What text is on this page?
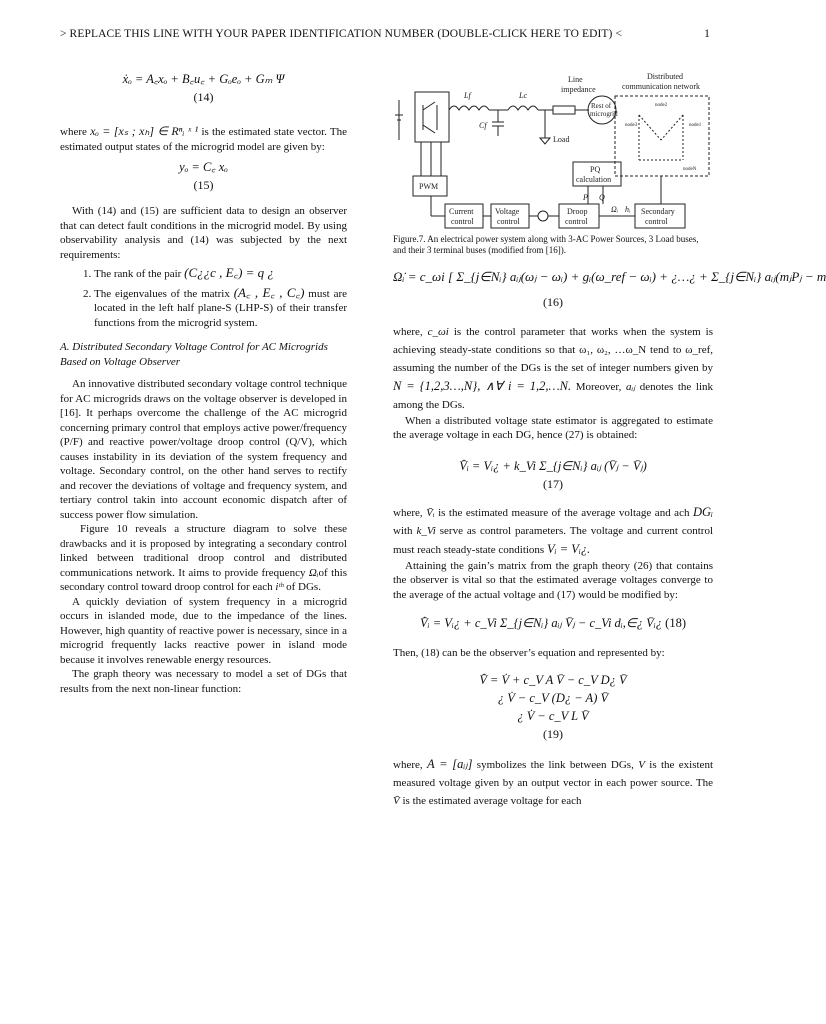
> REPLACE THIS LINE WITH YOUR PAPER IDENTIFICATION NUMBER (DOUBLE-CLICK HERE TO EDIT) <	1
ẋₒ = A꜀xₒ + B꜀u꜀ + Gₒeₒ + Gₘ Ψ
(14)

where xₒ = [xₛ ; xₕ] ∈ Rⁿᵢ ˣ ¹ is the estimated state vector. The estimated output states of the microgrid model are given by:

yₒ = C꜀ xₒ
(15)

With (14) and (15) are sufficient data to design an observer that can detect fault conditions in the microgrid model. By using observability analysis and (14) was subjected by the next requirements:

1. The rank of the pair (C¿¿c , E꜀) = q ¿
2. The eigenvalues of the matrix (A꜀ , E꜀ , C꜀) must are located in the left half plane-S (LHP-S) of their transfer functions from the microgrid system.
A. Distributed Secondary Voltage Control for AC Microgrids Based on Voltage Observer

An innovative distributed secondary voltage control technique for AC microgrids draws on the voltage observer is developed in [16]. It perhaps overcome the challenge of the AC microgrid concerning primary control that employs active power/frequency (P/F) and reactive power/voltage droop control (Q/V), which causes instability in its deviation of the system frequency and voltage. Secondary control, on the other hand serves to rectify and recover the deviations of voltage and frequency system, and tertiary control takin into account economic dispatch after of success power flow simulation.

Figure 10 reveals a structure diagram to solve these drawbacks and it is proposed by integrating a secondary control linked between traditional droop control and distributed communications network. It aims to provide frequency Ωᵢof this secondary control toward droop control for each iᵗʰ of DGs.

A quickly deviation of system frequency in a microgrid occurs in islanded mode, due to the impedance of the lines. However, high quantity of reactive power is necessary, since in a microgrid frequently lacks reactive power in island mode because it involves renewable energy resources.

The graph theory was necessary to model a set of DGs that results from the next non-linear function:

Line
impedance
Rest of
microgrid
Load
Lf	Lc
Cf
PQ
calculation
PWM
Current
control
Voltage
control
Droop
control
Secondary
control
Distributed
communication network
node2
node1
node3
nodeN
P Q
Ωᵢ hᵢ
Figure.7. An electrical power system along with 3-AC Power Sources, 3 Load buses, and their 3 terminal buses (modified from [16]).
Ω̇ᵢ = c_ωi [ Σ_{j∈Nᵢ} aᵢⱼ(ωⱼ − ωᵢ) + gᵢ(ω_ref − ωᵢ) + ¿…¿ + Σ_{j∈Nᵢ} aᵢⱼ(mⱼPⱼ − m
(16)

where, c_ωi is the control parameter that works when the system is achieving steady-state conditions so that ω₁, ω₂, …ω_N tend to ω_ref, assuming the number of the DGs is the set of integer numbers given by N = {1,2,3…,N}, ∧∀ i = 1,2,…N. Moreover, aᵢⱼ denotes the link among the DGs.

When a distributed voltage state estimator is aggregated to estimate the average voltage in each DG, hence (27) is obtained:

V̄̇ᵢ = Vᵢ¿ + k_Vi Σ_{j∈Nᵢ} aᵢⱼ (V̄ⱼ − V̄ⱼ)
(17)

where, V̄ᵢ is the estimated measure of the average voltage and ach DGᵢ with k_Vi serve as control parameters. The voltage and current control must reach steady-state conditions Vᵢ = Vᵢ¿.

Attaining the gain’s matrix from the graph theory (26) that contains the observer is vital so that the estimated average voltages converge to the average of the actual voltage and (17) would be modified by:

V̄̇ᵢ = Vᵢ¿ + c_Vi Σ_{j∈Nᵢ} aᵢⱼ V̄ⱼ − c_Vi dᵢ,∈¿ V̄ᵢ¿ (18)

Then, (18) can be the observer’s equation and represented by:

V̄̇ = V̇ + c_V A V̄ − c_V D¿ V̄
¿ V̇ − c_V (D¿ − A) V̄
¿ V̇ − c_V L V̄
(19)

where, A = [aᵢⱼ] symbolizes the link between DGs, V is the existent measured voltage given by an output vector in each power source. The V̄ is the estimated average voltage for each
